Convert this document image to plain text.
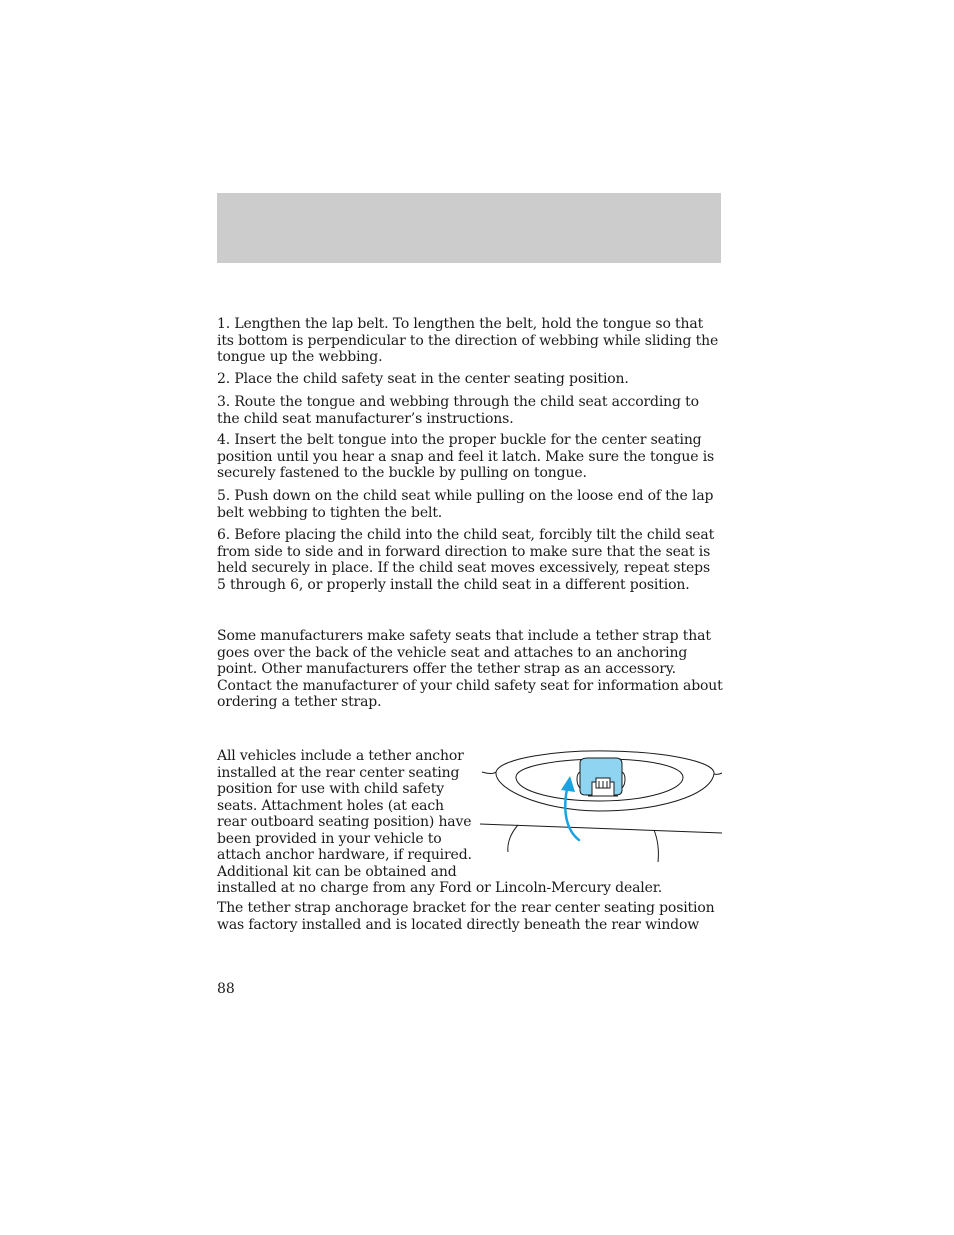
1. Lengthen the lap belt. To lengthen the belt, hold the tongue so that its bottom is perpendicular to the direction of webbing while sliding the tongue up the webbing.

2. Place the child safety seat in the center seating position.

3. Route the tongue and webbing through the child seat according to the child seat manufacturer’s instructions.

4. Insert the belt tongue into the proper buckle for the center seating position until you hear a snap and feel it latch. Make sure the tongue is securely fastened to the buckle by pulling on tongue.

5. Push down on the child seat while pulling on the loose end of the lap belt webbing to tighten the belt.

6. Before placing the child into the child seat, forcibly tilt the child seat from side to side and in forward direction to make sure that the seat is held securely in place. If the child seat moves excessively, repeat steps 5 through 6, or properly install the child seat in a different position.

Some manufacturers make safety seats that include a tether strap that goes over the back of the vehicle seat and attaches to an anchoring point. Other manufacturers offer the tether strap as an accessory. Contact the manufacturer of your child safety seat for information about ordering a tether strap.

All vehicles include a tether anchor
installed at the rear center seating
position for use with child safety
seats. Attachment holes (at each
rear outboard seating position) have
been provided in your vehicle to
attach anchor hardware, if required.
Additional kit can be obtained and
installed at no charge from any Ford or Lincoln-Mercury dealer.
The tether strap anchorage bracket for the rear center seating position was factory installed and is located directly beneath the rear window
88
